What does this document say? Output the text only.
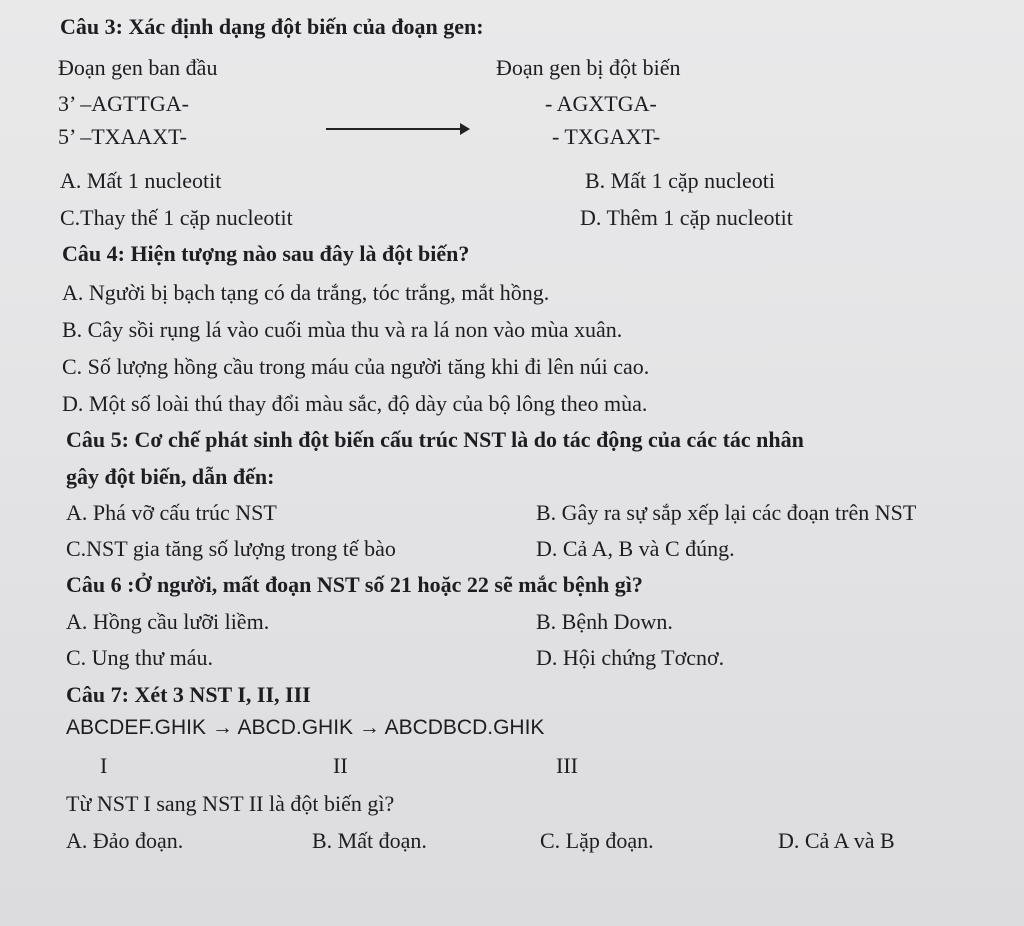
Câu 3: Xác định dạng đột biến của đoạn gen:
Đoạn gen ban đầu	Đoạn gen bị đột biến
3’ –AGTTGA-	- AGXTGA-
5’ –TXAAXT-	- TXGAXT-
A. Mất 1 nucleotit	B. Mất 1 cặp nucleoti
C.Thay thế 1 cặp nucleotit	D. Thêm 1 cặp nucleotit
Câu 4: Hiện tượng nào sau đây là đột biến?
A. Người bị bạch tạng có da trắng, tóc trắng, mắt hồng.
B. Cây sồi rụng lá vào cuối mùa thu và ra lá non vào mùa xuân.
C. Số lượng hồng cầu trong máu của người tăng khi đi lên núi cao.
D. Một số loài thú thay đổi màu sắc, độ dày của bộ lông theo mùa.
Câu 5: Cơ chế phát sinh đột biến cấu trúc NST là do tác động của các tác nhân
gây đột biến, dẫn đến:
A. Phá vỡ cấu trúc NST	B. Gây ra sự sắp xếp lại các đoạn trên NST
C.NST gia tăng số lượng trong tế bào	D. Cả A, B và C đúng.
Câu 6 :Ở người, mất đoạn NST số 21 hoặc 22 sẽ mắc bệnh gì?
A. Hồng cầu lưỡi liềm.	B. Bệnh Down.
C. Ung thư máu.	D. Hội chứng Tơcnơ.
Câu 7: Xét 3 NST I, II, III
ABCDEF.GHIK → ABCD.GHIK → ABCDBCD.GHIK
I	II	III
Từ NST I sang NST II là đột biến gì?
A. Đảo đoạn.	B. Mất đoạn.	C. Lặp đoạn.	D. Cả A và B
